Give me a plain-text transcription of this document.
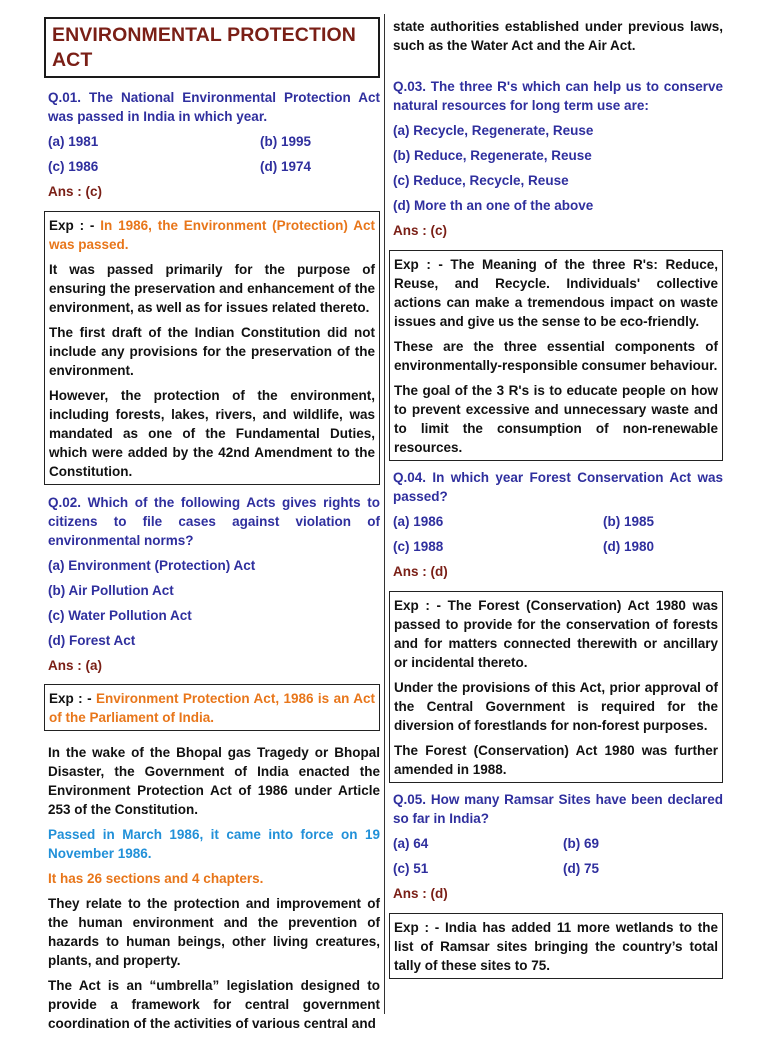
ENVIRONMENTAL PROTECTION ACT
Q.01. The National Environmental Protection Act was passed in India in which year.
(a) 1981	(b) 1995
(c) 1986	(d) 1974
Ans : (c)

Exp : - In 1986, the Environment (Protection) Act was passed.

It was passed primarily for the purpose of ensuring the preservation and enhancement of the environment, as well as for issues related thereto.

The first draft of the Indian Constitution did not include any provisions for the preservation of the environment.

However, the protection of the environment, including forests, lakes, rivers, and wildlife, was mandated as one of the Fundamental Duties, which were added by the 42nd Amendment to the Constitution.

Q.02. Which of the following Acts gives rights to citizens to file cases against violation of environmental norms?
(a) Environment (Protection) Act
(b) Air Pollution Act
(c) Water Pollution Act
(d) Forest Act
Ans : (a)

Exp : - Environment Protection Act, 1986 is an Act of the Parliament of India.

In the wake of the Bhopal gas Tragedy or Bhopal Disaster, the Government of India enacted the Environment Protection Act of 1986 under Article 253 of the Constitution.
Passed in March 1986, it came into force on 19 November 1986.
It has 26 sections and 4 chapters.
They relate to the protection and improvement of the human environment and the prevention of hazards to human beings, other living creatures, plants, and property.
The Act is an “umbrella” legislation designed to provide a framework for central government coordination of the activities of various central and
state authorities established under previous laws, such as the Water Act and the Air Act.
Q.03. The three R's which can help us to conserve natural resources for long term use are:
(a) Recycle, Regenerate, Reuse
(b) Reduce, Regenerate, Reuse
(c) Reduce, Recycle, Reuse
(d) More th an one of the above
Ans : (c)

Exp : - The Meaning of the three R's: Reduce, Reuse, and Recycle. Individuals' collective actions can make a tremendous impact on waste issues and give us the sense to be eco-friendly.

These are the three essential components of environmentally-responsible consumer behaviour.

The goal of the 3 R's is to educate people on how to prevent excessive and unnecessary waste and to limit the consumption of non-renewable resources.

Q.04. In which year Forest Conservation Act was passed?
(a) 1986	(b) 1985
(c) 1988	(d) 1980
Ans : (d)

Exp : - The Forest (Conservation) Act 1980 was passed to provide for the conservation of forests and for matters connected therewith or ancillary or incidental thereto.

Under the provisions of this Act, prior approval of the Central Government is required for the diversion of forestlands for non-forest purposes.

The Forest (Conservation) Act 1980 was further amended in 1988.

Q.05. How many Ramsar Sites have been declared so far in India?
(a) 64	(b) 69
(c) 51	(d) 75
Ans : (d)

Exp : - India has added 11 more wetlands to the list of Ramsar sites bringing the country’s total tally of these sites to 75.
